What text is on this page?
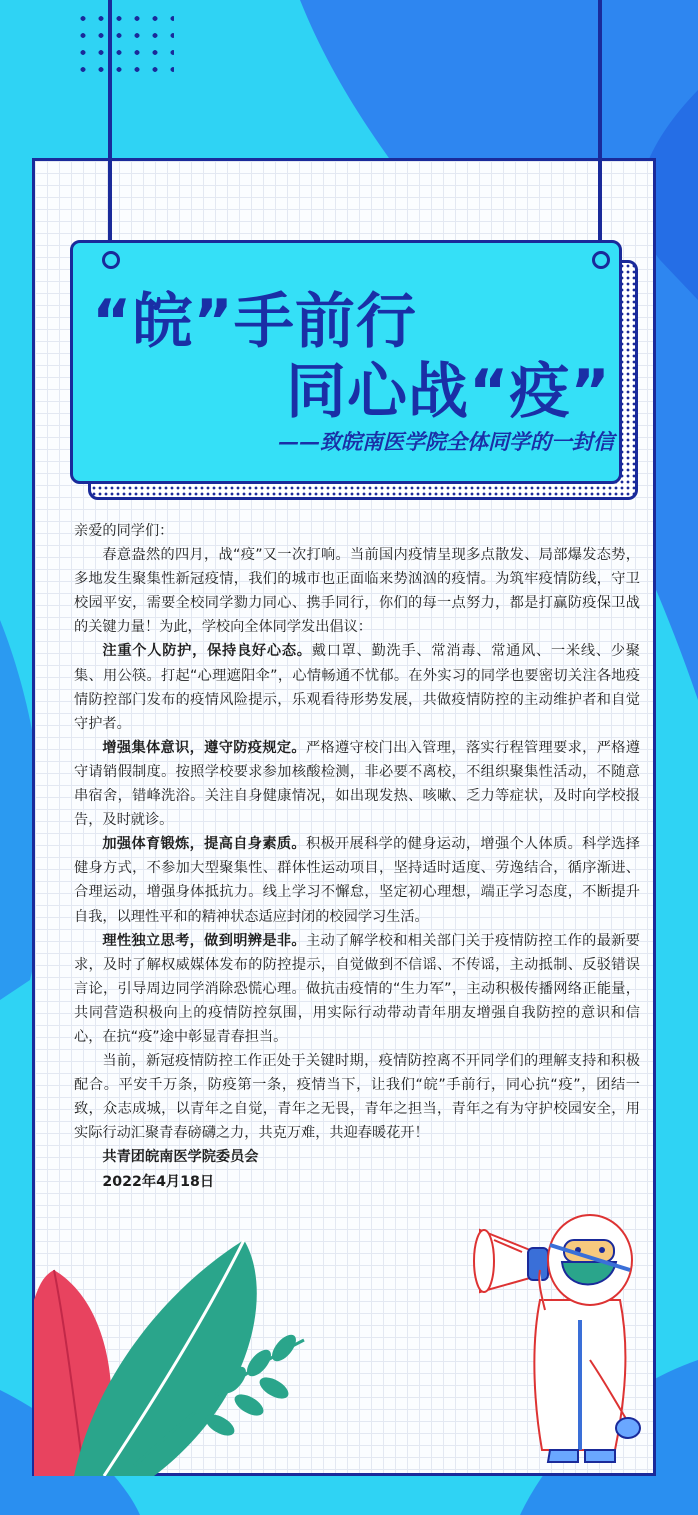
“皖”手前行
同心战“疫”
——致皖南医学院全体同学的一封信

亲爱的同学们：

春意盎然的四月，战“疫”又一次打响。当前国内疫情呈现多点散发、局部爆发态势，多地发生聚集性新冠疫情，我们的城市也正面临来势汹汹的疫情。为筑牢疫情防线，守卫校园平安，需要全校同学勠力同心、携手同行，你们的每一点努力，都是打赢防疫保卫战的关键力量！为此，学校向全体同学发出倡议：

注重个人防护，保持良好心态。戴口罩、勤洗手、常消毒、常通风、一米线、少聚集、用公筷。打起“心理遮阳伞”，心情畅通不忧郁。在外实习的同学也要密切关注各地疫情防控部门发布的疫情风险提示，乐观看待形势发展，共做疫情防控的主动维护者和自觉守护者。

增强集体意识，遵守防疫规定。严格遵守校门出入管理，落实行程管理要求，严格遵守请销假制度。按照学校要求参加核酸检测，非必要不离校，不组织聚集性活动，不随意串宿舍，错峰洗浴。关注自身健康情况，如出现发热、咳嗽、乏力等症状，及时向学校报告，及时就诊。

加强体育锻炼，提高自身素质。积极开展科学的健身运动，增强个人体质。科学选择健身方式，不参加大型聚集性、群体性运动项目，坚持适时适度、劳逸结合，循序渐进、合理运动，增强身体抵抗力。线上学习不懈怠，坚定初心理想，端正学习态度，不断提升自我，以理性平和的精神状态适应封闭的校园学习生活。

理性独立思考，做到明辨是非。主动了解学校和相关部门关于疫情防控工作的最新要求，及时了解权威媒体发布的防控提示，自觉做到不信谣、不传谣，主动抵制、反驳错误言论，引导周边同学消除恐慌心理。做抗击疫情的“生力军”，主动积极传播网络正能量，共同营造积极向上的疫情防控氛围，用实际行动带动青年朋友增强自我防控的意识和信心，在抗“疫”途中彰显青春担当。

当前，新冠疫情防控工作正处于关键时期，疫情防控离不开同学们的理解支持和积极配合。平安千万条，防疫第一条，疫情当下，让我们“皖”手前行，同心抗“疫”，团结一致，众志成城，以青年之自觉，青年之无畏，青年之担当，青年之有为守护校园安全，用实际行动汇聚青春磅礴之力，共克万难，共迎春暖花开！

共青团皖南医学院委员会

2022年4月18日
